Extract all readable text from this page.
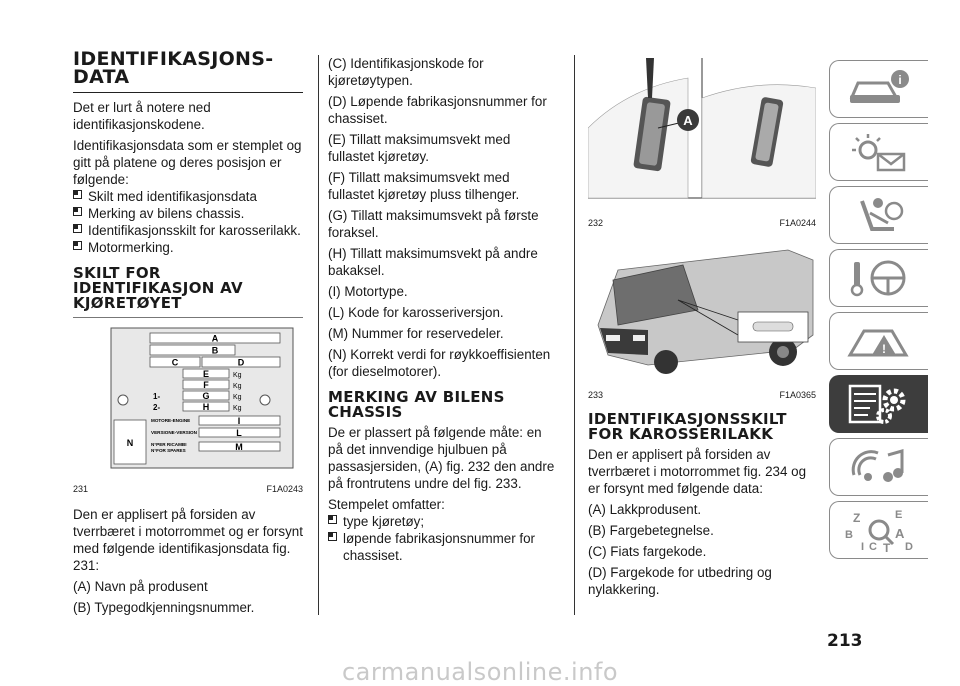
IDENTIFIKASJONS-DATA

Det er lurt å notere ned identifikasjonskodene.

Identifikasjonsdata som er stemplet og gitt på platene og deres posisjon er følgende:

Skilt med identifikasjonsdata
Merking av bilens chassis.
Identifikasjonsskilt for karosserilakk.
Motormerking.
SKILT FOR IDENTIFIKASJON AV KJØRETØYET
A
B
C	D
E
F
G
H
Kg
Kg
Kg
Kg
1-
2-
MOTORE-ENGINE	I
VERSIONE-VERSION	L
N°PER RICAMBI
N°FOR SPARES	M
N
231	F1A0243

Den er applisert på forsiden av tverrbæret i motorrommet og er forsynt med følgende identifikasjonsdata fig. 231:

(A) Navn på produsent

(B) Typegodkjenningsnummer.

(C) Identifikasjonskode for kjøretøytypen.

(D) Løpende fabrikasjonsnummer for chassiset.

(E) Tillatt maksimumsvekt med fullastet kjøretøy.

(F) Tillatt maksimumsvekt med fullastet kjøretøy pluss tilhenger.

(G) Tillatt maksimumsvekt på første foraksel.

(H) Tillatt maksimumsvekt på andre bakaksel.

(I) Motortype.

(L) Kode for karosseriversjon.

(M) Nummer for reservedeler.

(N) Korrekt verdi for røykkoeffisienten (for dieselmotorer).

MERKING AV BILENS CHASSIS

De er plassert på følgende måte: en på det innvendige hjulbuen på passasjersiden, (A) fig. 232 den andre på frontrutens undre del fig. 233.

Stempelet omfatter:

type kjøretøy;
løpende fabrikasjonsnummer for chassiset.
A
232	F1A0244
233	F1A0365
IDENTIFIKASJONSSKILT FOR KAROSSERILAKK

Den er applisert på forsiden av tverrbæret i motorrommet fig. 234 og er forsynt med følgende data:

(A) Lakkprodusent.

(B) Fargebetegnelse.

(C) Fiats fargekode.

(D) Fargekode for utbedring og nylakkering.

i
!
Z	E
B	A
I C T D
213
carmanualsonline.info
